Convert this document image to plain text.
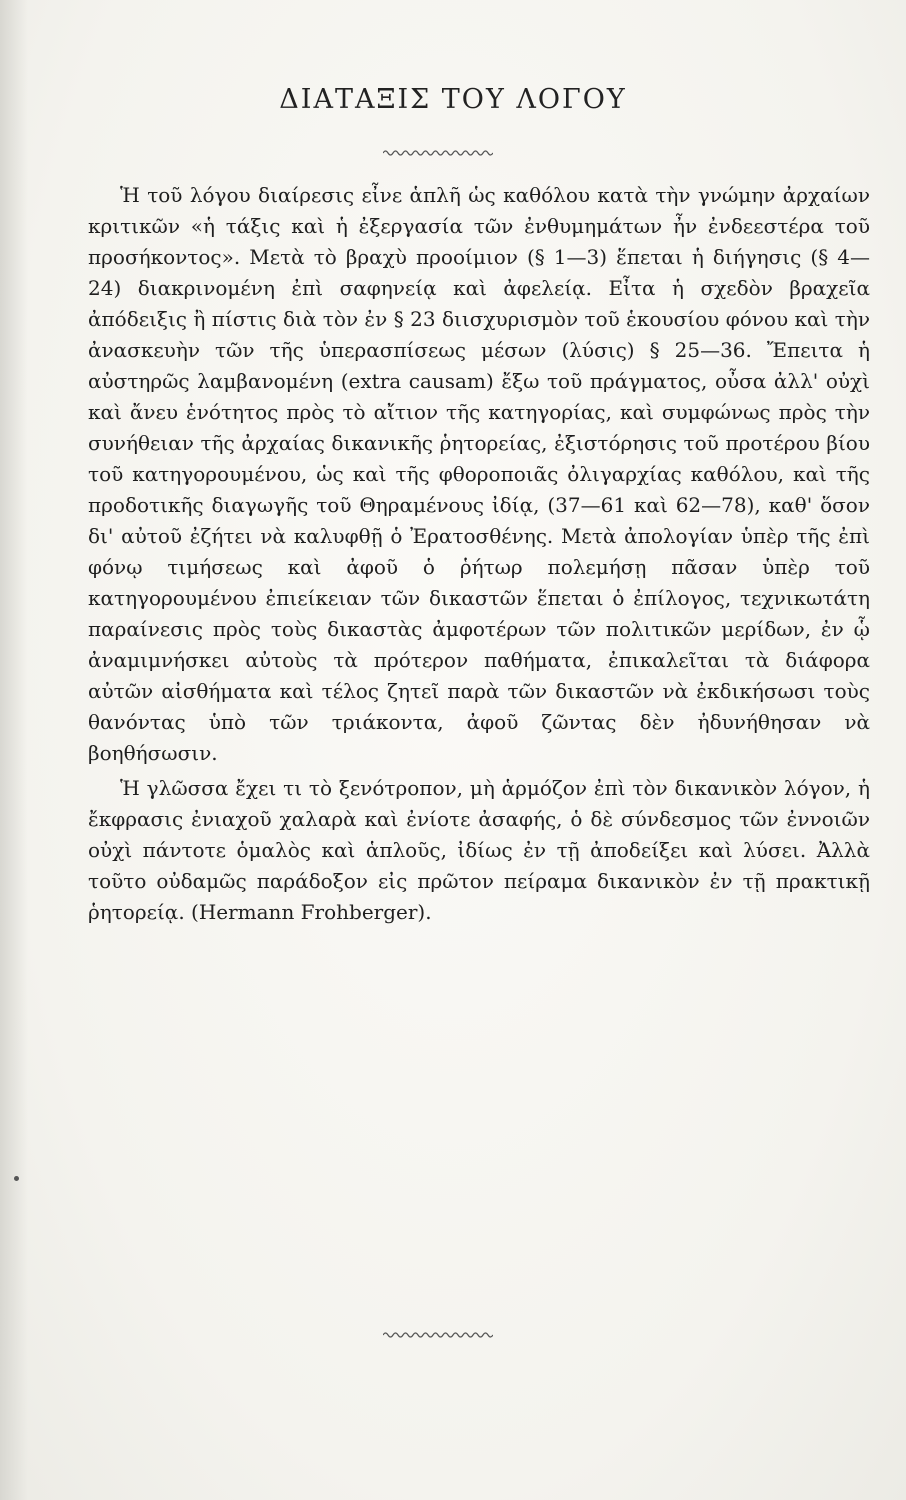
ΔΙΑΤΑΞΙΣ ΤΟΥ ΛΟΓΟΥ

Ἡ τοῦ λόγου διαίρεσις εἶνε ἁπλῆ ὡς καθόλου κατὰ τὴν γνώμην ἀρχαίων κριτικῶν «ἡ τάξις καὶ ἡ ἐξεργασία τῶν ἐνθυμημάτων ἦν ἐνδεεστέρα τοῦ προσήκοντος». Μετὰ τὸ βραχὺ προοίμιον (§ 1—3) ἕπεται ἡ διήγησις (§ 4—24) διακρινομένη ἐπὶ σαφηνείᾳ καὶ ἀφελείᾳ. Εἶτα ἡ σχεδὸν βραχεῖα ἀπόδειξις ἢ πίστις διὰ τὸν ἐν § 23 διισχυρισμὸν τοῦ ἑκουσίου φόνου καὶ τὴν ἀνασκευὴν τῶν τῆς ὑπερασπίσεως μέσων (λύσις) § 25—36. Ἔπειτα ἡ αὐστηρῶς λαμβανομένη (extra causam) ἔξω τοῦ πράγματος, οὖσα ἀλλ' οὐχὶ καὶ ἄνευ ἑνότητος πρὸς τὸ αἴτιον τῆς κατηγορίας, καὶ συμφώνως πρὸς τὴν συνήθειαν τῆς ἀρχαίας δικανικῆς ῥητορείας, ἐξιστόρησις τοῦ προτέρου βίου τοῦ κατηγορουμένου, ὡς καὶ τῆς φθοροποιᾶς ὀλιγαρχίας καθόλου, καὶ τῆς προδοτικῆς διαγωγῆς τοῦ Θηραμένους ἰδίᾳ, (37—61 καὶ 62—78), καθ' ὅσον δι' αὐτοῦ ἐζήτει νὰ καλυφθῇ ὁ Ἐρατοσθένης. Μετὰ ἀπολογίαν ὑπὲρ τῆς ἐπὶ φόνῳ τιμήσεως καὶ ἀφοῦ ὁ ῥήτωρ πολεμήσῃ πᾶσαν ὑπὲρ τοῦ κατηγορουμένου ἐπιείκειαν τῶν δικαστῶν ἕπεται ὁ ἐπίλογος, τεχνικωτάτη παραίνεσις πρὸς τοὺς δικαστὰς ἀμφοτέρων τῶν πολιτικῶν μερίδων, ἐν ᾧ ἀναμιμνήσκει αὐτοὺς τὰ πρότερον παθήματα, ἐπικαλεῖται τὰ διάφορα αὐτῶν αἰσθήματα καὶ τέλος ζητεῖ παρὰ τῶν δικαστῶν νὰ ἐκδικήσωσι τοὺς θανόντας ὑπὸ τῶν τριάκοντα, ἀφοῦ ζῶντας δὲν ἠδυνήθησαν νὰ βοηθήσωσιν.

Ἡ γλῶσσα ἔχει τι τὸ ξενότροπον, μὴ ἁρμόζον ἐπὶ τὸν δικανικὸν λόγον, ἡ ἔκφρασις ἐνιαχοῦ χαλαρὰ καὶ ἐνίοτε ἀσαφής, ὁ δὲ σύνδεσμος τῶν ἐννοιῶν οὐχὶ πάντοτε ὁμαλὸς καὶ ἁπλοῦς, ἰδίως ἐν τῇ ἀποδείξει καὶ λύσει. Ἀλλὰ τοῦτο οὐδαμῶς παράδοξον εἰς πρῶτον πείραμα δικανικὸν ἐν τῇ πρακτικῇ ῥητορείᾳ. (Hermann Frohberger).
